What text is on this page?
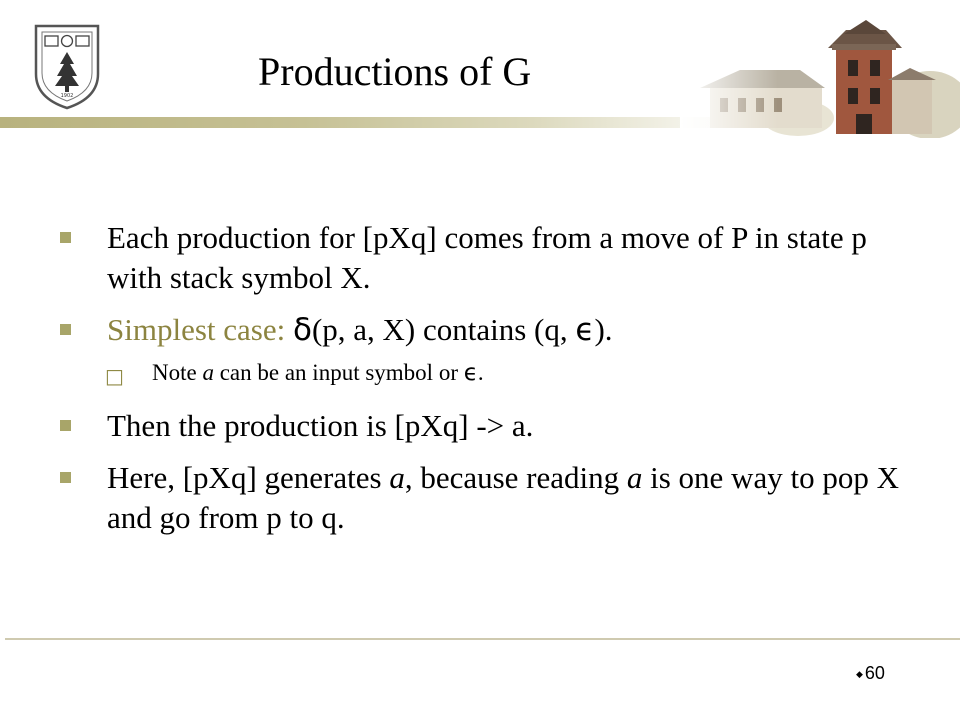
1902
Productions of G
Each production for [pXq] comes from a move of P in state p with stack symbol X.
Simplest case: δ(p, a, X) contains (q, ϵ).
□ Note a can be an input symbol or ϵ.
Then the production is [pXq] -> a.
Here, [pXq] generates a, because reading a is one way to pop X and go from p to q.
◆ 60
